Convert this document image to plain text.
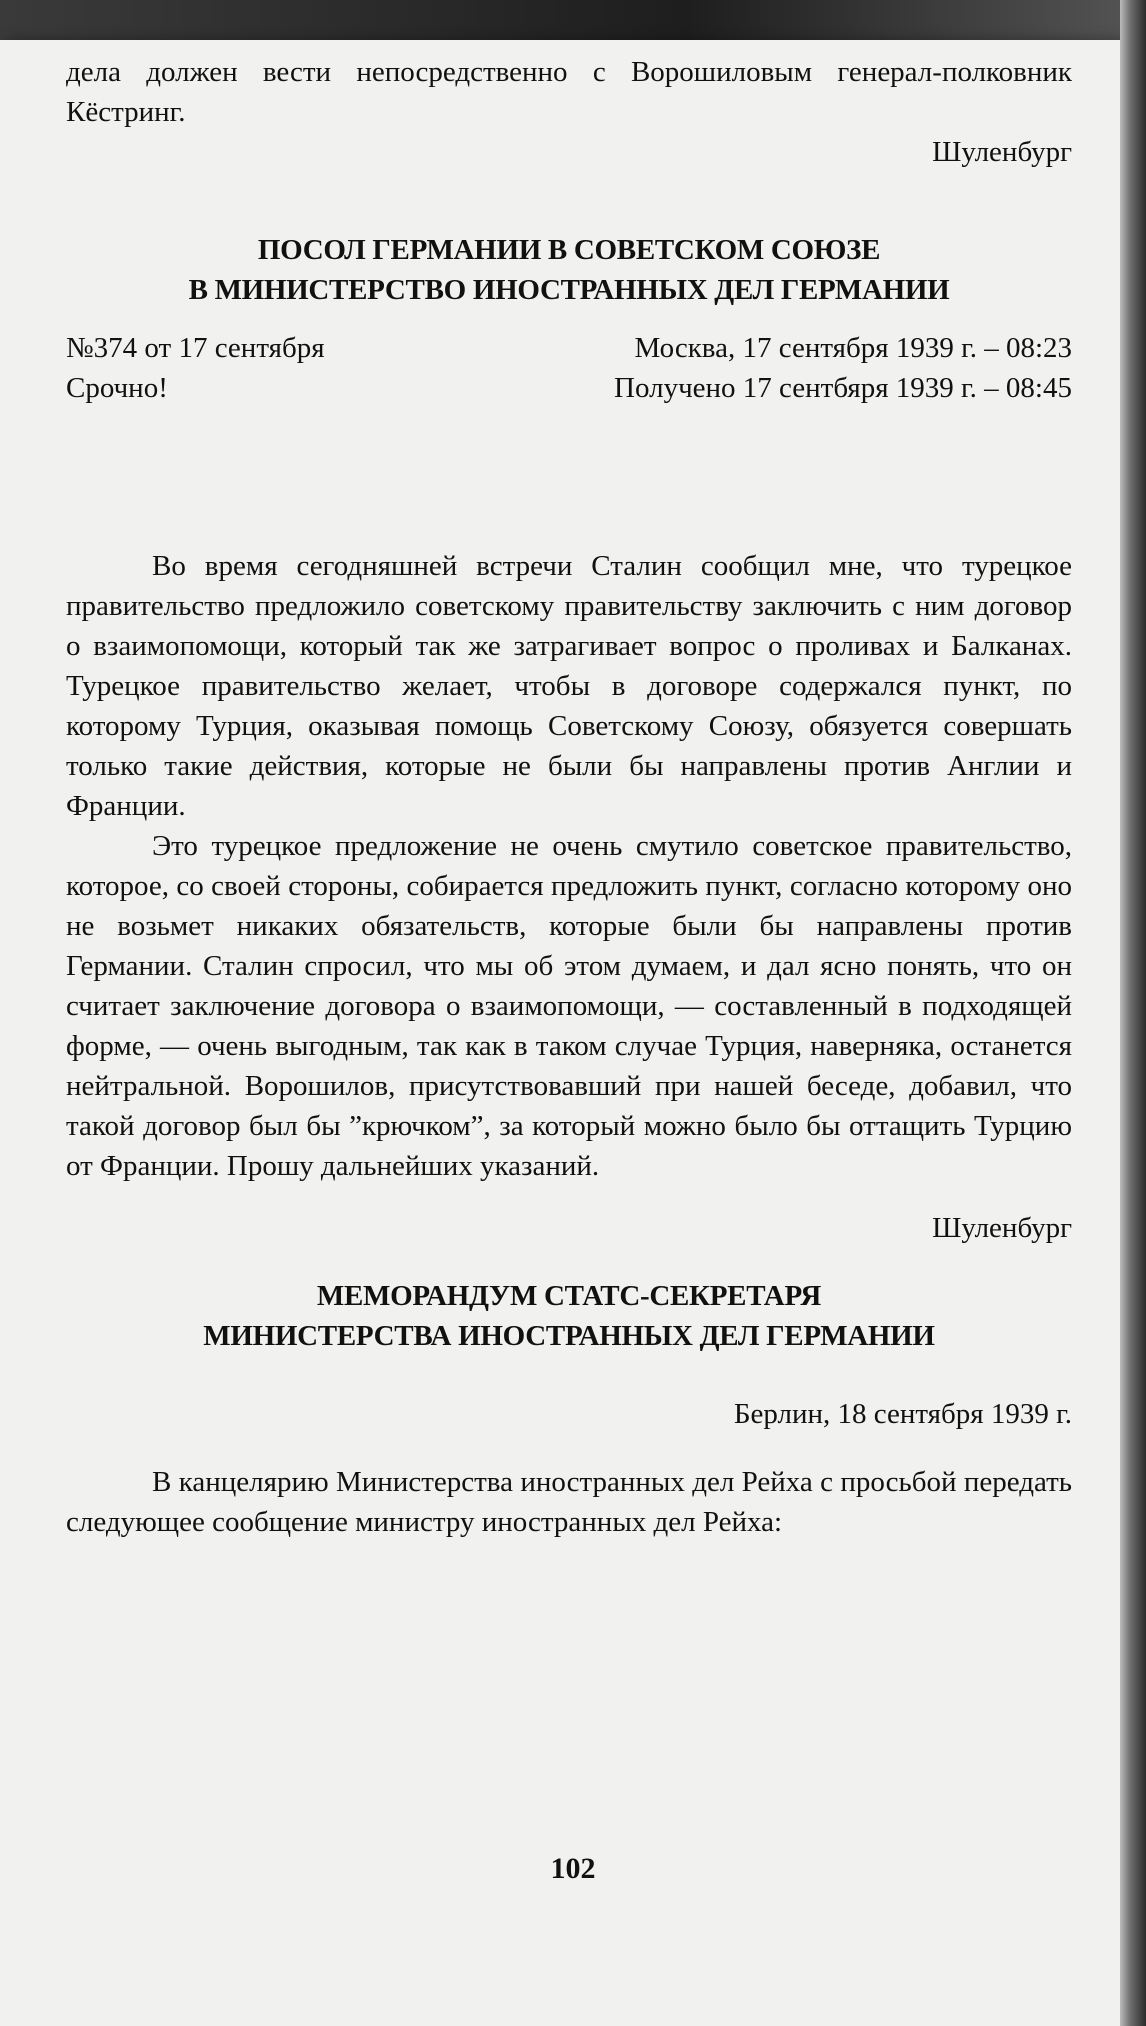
дела должен вести непосредственно с Ворошиловым генерал-полковник Кёстринг.

Шуленбург

ПОСОЛ ГЕРМАНИИ В СОВЕТСКОМ СОЮЗЕ

В МИНИСТЕРСТВО ИНОСТРАННЫХ ДЕЛ ГЕРМАНИИ

№374 от 17 сентября	Москва, 17 сентября 1939 г. – 08:23
Срочно!	Получено 17 сентбяря 1939 г. – 08:45

Во время сегодняшней встречи Сталин сообщил мне, что турецкое правительство предложило советскому правительству заключить с ним договор о взаимопомощи, который так же затрагивает вопрос о проливах и Балканах. Турецкое правительство желает, чтобы в договоре содержался пункт, по которому Турция, оказывая помощь Советскому Союзу, обязуется совершать только такие действия, которые не были бы направлены против Англии и Франции.

Это турецкое предложение не очень смутило советское правительство, которое, со своей стороны, собирается предложить пункт, согласно которому оно не возьмет никаких обязательств, которые были бы направлены против Германии. Сталин спросил, что мы об этом думаем, и дал ясно понять, что он считает заключение договора о взаимопомощи, — составленный в подходящей форме, — очень выгодным, так как в таком случае Турция, наверняка, останется нейтральной. Ворошилов, присутствовавший при нашей беседе, добавил, что такой договор был бы ”крючком”, за который можно было бы оттащить Турцию от Франции. Прошу дальнейших указаний.

Шуленбург

МЕМОРАНДУМ СТАТС-СЕКРЕТАРЯ

МИНИСТЕРСТВА ИНОСТРАННЫХ ДЕЛ ГЕРМАНИИ

Берлин, 18 сентября 1939 г.

В канцелярию Министерства иностранных дел Рейха с просьбой передать следующее сообщение министру иностранных дел Рейха:

102
